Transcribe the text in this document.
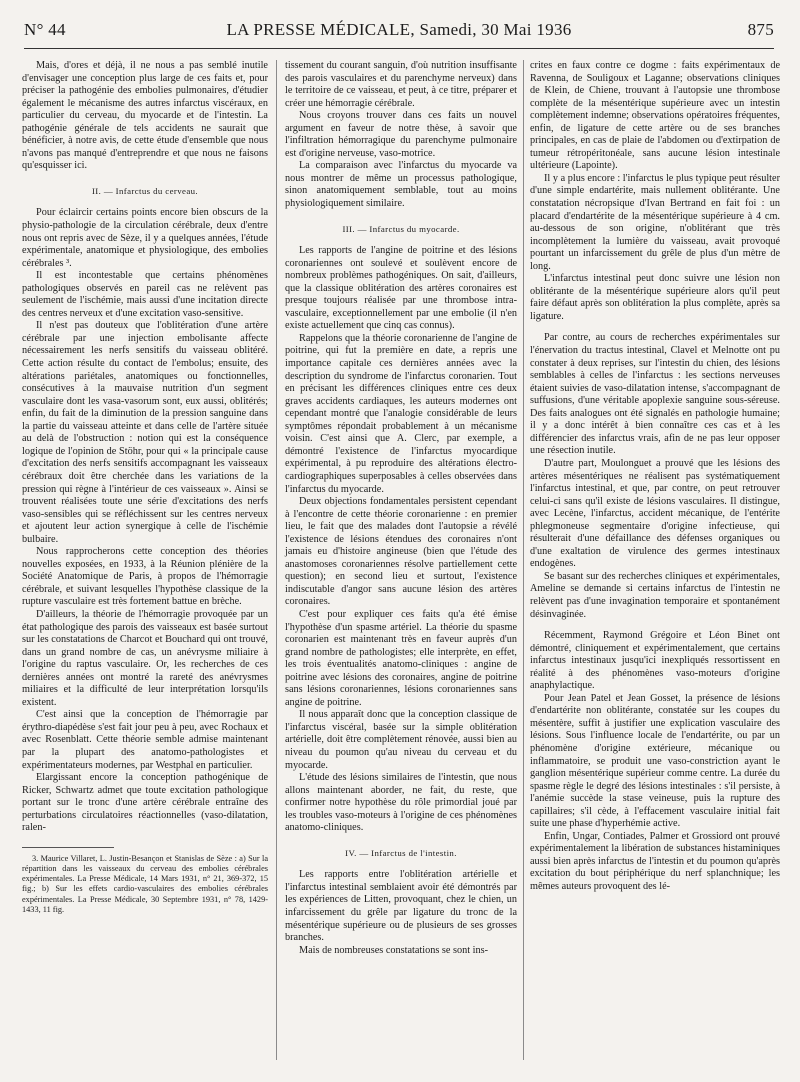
N° 44	LA PRESSE MÉDICALE, Samedi, 30 Mai 1936	875

Mais, d'ores et déjà, il ne nous a pas semblé inutile d'envisager une conception plus large de ces faits et, pour préciser la pathogénie des embolies pulmonaires, d'étudier également le mécanisme des autres infarctus viscéraux, en particulier du cerveau, du myocarde et de l'intestin. La pathogénie générale de tels accidents ne saurait que bénéficier, à notre avis, de cette étude d'ensemble que nous n'avons pas manqué d'entreprendre et que nous ne faisons qu'esquisser ici.

II. — Infarctus du cerveau.

Pour éclaircir certains points encore bien obscurs de la physio-pathologie de la circulation cérébrale, deux d'entre nous ont repris avec de Sèze, il y a quelques années, l'étude expérimentale, anatomique et physiologique, des embolies cérébrales ³.

Il est incontestable que certains phénomènes pathologiques observés en pareil cas ne relèvent pas seulement de l'ischémie, mais aussi d'une incitation directe des centres nerveux et d'une excitation vaso-sensitive.

Il n'est pas douteux que l'oblitération d'une artère cérébrale par une injection embolisante affecte nécessairement les nerfs sensitifs du vaisseau oblitéré. Cette action résulte du contact de l'embolus; ensuite, des altérations pariétales, anatomiques ou fonctionnelles, consécutives à la mauvaise nutrition d'un segment vasculaire dont les vasa-vasorum sont, eux aussi, oblitérés; enfin, du fait de la diminution de la pression sanguine dans la partie du vaisseau atteinte et dans celle de l'artère située au delà de l'obstruction : notion qui est la conséquence logique de l'opinion de Stöhr, pour qui « la principale cause d'excitation des nerfs sensitifs accompagnant les vaisseaux cérébraux doit être cherchée dans les variations de la pression qui règne à l'intérieur de ces vaisseaux ». Ainsi se trouvent réalisées toute une série d'excitations des nerfs vaso-sensibles qui se réfléchissent sur les centres nerveux et ajoutent leur action synergique à celle de l'ischémie bulbaire.

Nous rapprocherons cette conception des théories nouvelles exposées, en 1933, à la Réunion plénière de la Société Anatomique de Paris, à propos de l'hémorragie cérébrale, et suivant lesquelles l'hypothèse classique de la rupture vasculaire est très fortement battue en brèche.

D'ailleurs, la théorie de l'hémorragie provoquée par un état pathologique des parois des vaisseaux est basée surtout sur les constatations de Charcot et Bouchard qui ont trouvé, dans un grand nombre de cas, un anévrysme miliaire à l'origine du raptus vasculaire. Or, les recherches de ces dernières années ont montré la rareté des anévrysmes miliaires et la difficulté de leur interprétation lorsqu'ils existent.

C'est ainsi que la conception de l'hémorragie par érythro-diapédèse s'est fait jour peu à peu, avec Rochaux et avec Rosenblatt. Cette théorie semble admise maintenant par la plupart des anatomo-pathologistes et expérimentateurs modernes, par Westphal en particulier.

Elargissant encore la conception pathogénique de Ricker, Schwartz admet que toute excitation pathologique portant sur le tronc d'une artère cérébrale entraîne des perturbations circulatoires réactionnelles (vaso-dilatation, ralen-

3. Maurice Villaret, L. Justin-Besançon et Stanislas de Sèze : a) Sur la répartition dans les vaisseaux du cerveau des embolies cérébrales expérimentales. La Presse Médicale, 14 Mars 1931, n° 21, 369-372, 15 fig.; b) Sur les effets cardio-vasculaires des embolies cérébrales expérimentales. La Presse Médicale, 30 Septembre 1931, n° 78, 1429-1433, 11 fig.

tissement du courant sanguin, d'où nutrition insuffisante des parois vasculaires et du parenchyme nerveux) dans le territoire de ce vaisseau, et peut, à ce titre, préparer et créer une hémorragie cérébrale.

Nous croyons trouver dans ces faits un nouvel argument en faveur de notre thèse, à savoir que l'infiltration hémorragique du parenchyme pulmonaire est d'origine nerveuse, vaso-motrice.

La comparaison avec l'infarctus du myocarde va nous montrer de même un processus pathologique, sinon anatomiquement semblable, tout au moins physiologiquement similaire.

III. — Infarctus du myocarde.

Les rapports de l'angine de poitrine et des lésions coronariennes ont soulevé et soulèvent encore de nombreux problèmes pathogéniques. On sait, d'ailleurs, que la classique oblitération des artères coronaires est presque toujours réalisée par une thrombose intra-vasculaire, exceptionnellement par une embolie (il n'en existe actuellement que cinq cas connus).

Rappelons que la théorie coronarienne de l'angine de poitrine, qui fut la première en date, a repris une importance capitale ces dernières années avec la description du syndrome de l'infarctus coronarien. Tout en précisant les différences cliniques entre ces deux graves accidents cardiaques, les auteurs modernes ont cependant montré que l'analogie considérable de leurs symptômes répondait probablement à un mécanisme voisin. C'est ainsi que A. Clerc, par exemple, a démontré l'existence de l'infarctus myocardique expérimental, à pu reproduire des altérations électro-cardiographiques superposables à celles observées dans l'infarctus du myocarde.

Deux objections fondamentales persistent cependant à l'encontre de cette théorie coronarienne : en premier lieu, le fait que des malades dont l'autopsie a révélé l'existence de lésions étendues des coronaires n'ont jamais eu d'histoire angineuse (bien que l'étude des anastomoses coronariennes résolve partiellement cette question); en second lieu et surtout, l'existence indiscutable d'angor sans aucune lésion des artères coronaires.

C'est pour expliquer ces faits qu'a été émise l'hypothèse d'un spasme artériel. La théorie du spasme coronarien est maintenant très en faveur auprès d'un grand nombre de pathologistes; elle interprète, en effet, les trois éventualités anatomo-cliniques : angine de poitrine avec lésions des coronaires, angine de poitrine sans lésions coronariennes, lésions coronariennes sans angine de poitrine.

Il nous apparaît donc que la conception classique de l'infarctus viscéral, basée sur la simple oblitération artérielle, doit être complètement rénovée, aussi bien au niveau du poumon qu'au niveau du cerveau et du myocarde.

L'étude des lésions similaires de l'intestin, que nous allons maintenant aborder, ne fait, du reste, que confirmer notre hypothèse du rôle primordial joué par les troubles vaso-moteurs à l'origine de ces phénomènes anatomo-cliniques.

IV. — Infarctus de l'intestin.

Les rapports entre l'oblitération artérielle et l'infarctus intestinal semblaient avoir été démontrés par les expériences de Litten, provoquant, chez le chien, un infarcissement du grêle par ligature du tronc de la mésentérique supérieure ou de plusieurs de ses grosses branches.

Mais de nombreuses constatations se sont ins-

crites en faux contre ce dogme : faits expérimentaux de Ravenna, de Souligoux et Laganne; observations cliniques de Klein, de Chiene, trouvant à l'autopsie une thrombose complète de la mésentérique supérieure avec un intestin complètement indemne; observations opératoires fréquentes, enfin, de ligature de cette artère ou de ses branches principales, en cas de plaie de l'abdomen ou d'extirpation de tumeur rétropéritonéale, sans aucune lésion intestinale ultérieure (Lapointe).

Il y a plus encore : l'infarctus le plus typique peut résulter d'une simple endartérite, mais nullement oblitérante. Une constatation nécropsique d'Ivan Bertrand en fait foi : un placard d'endartérite de la mésentérique supérieure à 4 cm. au-dessous de son origine, n'oblitérant que très incomplètement la lumière du vaisseau, avait provoqué pourtant un infarcissement du grêle de plus d'un mètre de long.

L'infarctus intestinal peut donc suivre une lésion non oblitérante de la mésentérique supérieure alors qu'il peut faire défaut après son oblitération la plus complète, après sa ligature.

Par contre, au cours de recherches expérimentales sur l'énervation du tractus intestinal, Clavel et Melnotte ont pu constater à deux reprises, sur l'intestin du chien, des lésions semblables à celles de l'infarctus : les sections nerveuses étaient suivies de vaso-dilatation intense, s'accompagnant de suffusions, d'une véritable apoplexie sanguine sous-séreuse. Des faits analogues ont été signalés en pathologie humaine; il y a donc intérêt à bien connaître ces cas et à les différencier des infarctus vrais, afin de ne pas leur opposer une résection inutile.

D'autre part, Moulonguet a prouvé que les lésions des artères mésentériques ne réalisent pas systématiquement l'infarctus intestinal, et que, par contre, on peut retrouver celui-ci sans qu'il existe de lésions vasculaires. Il distingue, avec Lecène, l'infarctus, accident mécanique, de l'entérite phlegmoneuse segmentaire d'origine infectieuse, qui résulterait d'une défaillance des défenses organiques ou d'une exaltation de virulence des germes intestinaux endogènes.

Se basant sur des recherches cliniques et expérimentales, Ameline se demande si certains infarctus de l'intestin ne relèvent pas d'une invagination temporaire et spontanément désinvaginée.

Récemment, Raymond Grégoire et Léon Binet ont démontré, cliniquement et expérimentalement, que certains infarctus intestinaux jusqu'ici inexpliqués ressortissent en réalité à des phénomènes vaso-moteurs d'origine anaphylactique.

Pour Jean Patel et Jean Gosset, la présence de lésions d'endartérite non oblitérante, constatée sur les coupes du mésentère, suffit à justifier une explication vasculaire des lésions. Sous l'influence locale de l'endartérite, ou par un phénomène d'origine extérieure, mécanique ou inflammatoire, se produit une vaso-constriction ayant le ganglion mésentérique supérieur comme centre. La durée du spasme règle le degré des lésions intestinales : s'il persiste, à l'anémie succède la stase veineuse, puis la rupture des capillaires; s'il cède, à l'effacement vasculaire initial fait suite une phase d'hyperhémie active.

Enfin, Ungar, Contiades, Palmer et Grossiord ont prouvé expérimentalement la libération de substances histaminiques aussi bien après infarctus de l'intestin et du poumon qu'après excitation du bout périphérique du nerf splanchnique; les mêmes auteurs provoquent des lé-
